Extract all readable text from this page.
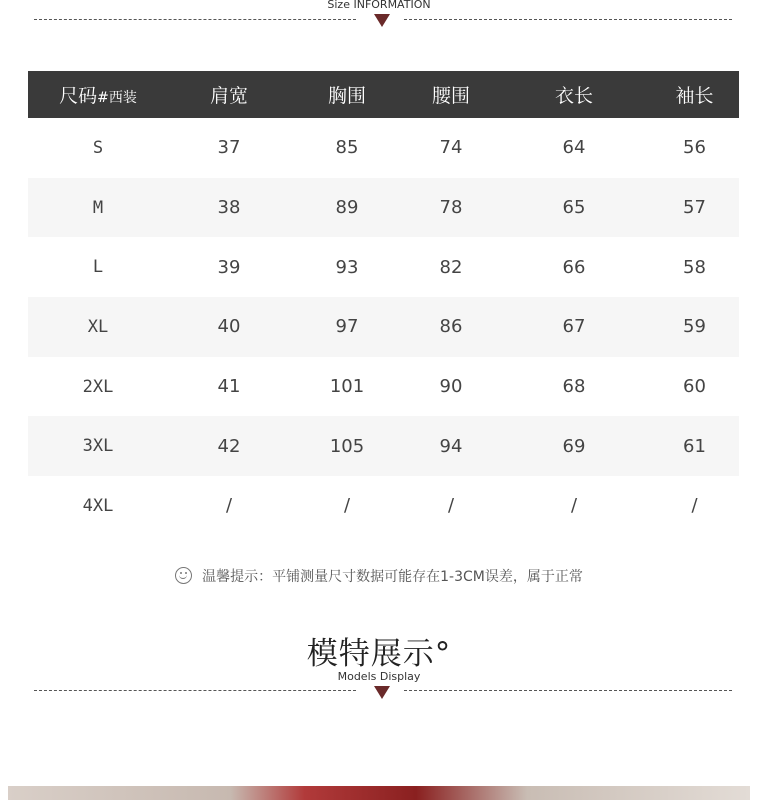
Size INFORMATION
尺码#西装	肩宽	胸围	腰围	衣长	袖长
S	37	85	74	64	56
M	38	89	78	65	57
L	39	93	82	66	58
XL	40	97	86	67	59
2XL	41	101	90	68	60
3XL	42	105	94	69	61
4XL	/	/	/	/	/
温馨提示：平铺测量尺寸数据可能存在1-3CM误差，属于正常
模特展示°
Models Display
